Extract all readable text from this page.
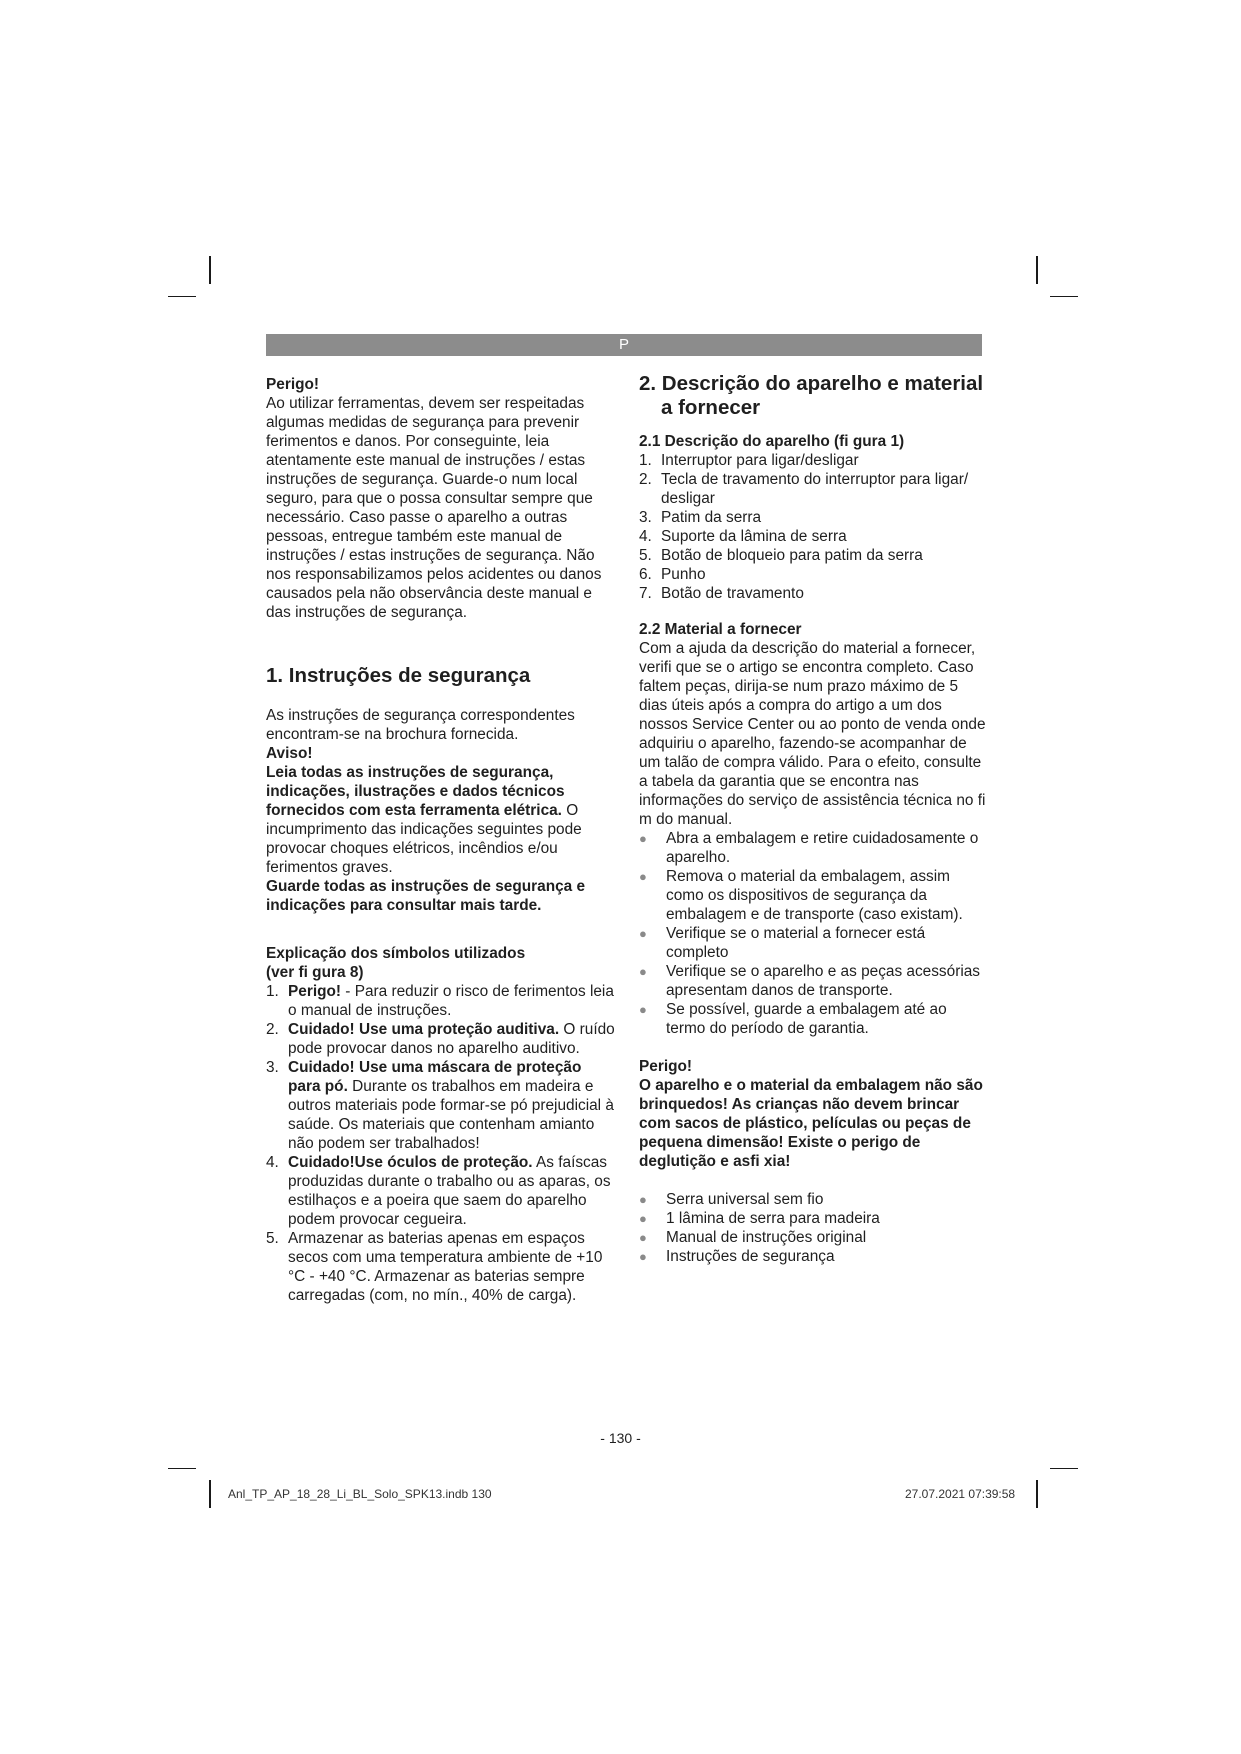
P

Perigo!

Ao utilizar ferramentas, devem ser respeitadas algumas medidas de segurança para prevenir ferimentos e danos. Por conseguinte, leia atentamente este manual de instruções / estas instruções de segurança. Guarde-o num local seguro, para que o possa consultar sempre que necessário. Caso passe o aparelho a outras pessoas, entregue também este manual de instruções / estas instruções de segurança. Não nos responsabilizamos pelos acidentes ou danos causados pela não observância deste manual e das instruções de segurança.

1. Instruções de segurança

As instruções de segurança correspondentes encontram-se na brochura fornecida.

Aviso!

Leia todas as instruções de segurança, indicações, ilustrações e dados técnicos fornecidos com esta ferramenta elétrica. O incumprimento das indicações seguintes pode provocar choques elétricos, incêndios e/ou ferimentos graves.

Guarde todas as instruções de segurança e indicações para consultar mais tarde.

Explicação dos símbolos utilizados
(ver fi gura 8)
1. Perigo! - Para reduzir o risco de ferimentos leia o manual de instruções.
2. Cuidado! Use uma proteção auditiva. O ruído pode provocar danos no aparelho auditivo.
3. Cuidado! Use uma máscara de proteção para pó. Durante os trabalhos em madeira e outros materiais pode formar-se pó prejudicial à saúde. Os materiais que contenham amianto não podem ser trabalhados!
4. Cuidado!Use óculos de proteção. As faíscas produzidas durante o trabalho ou as aparas, os estilhaços e a poeira que saem do aparelho podem provocar cegueira.
5. Armazenar as baterias apenas em espaços secos com uma temperatura ambiente de +10 °C - +40 °C. Armazenar as baterias sempre carregadas (com, no mín., 40% de carga).
2. Descrição do aparelho e material
a fornecer
2.1 Descrição do aparelho (fi gura 1)
1. Interruptor para ligar/desligar
2. Tecla de travamento do interruptor para ligar/ desligar
3. Patim da serra
4. Suporte da lâmina de serra
5. Botão de bloqueio para patim da serra
6. Punho
7. Botão de travamento
2.2 Material a fornecer

Com a ajuda da descrição do material a fornecer, verifi que se o artigo se encontra completo. Caso faltem peças, dirija-se num prazo máximo de 5 dias úteis após a compra do artigo a um dos nossos Service Center ou ao ponto de venda onde adquiriu o aparelho, fazendo-se acompanhar de um talão de compra válido. Para o efeito, consulte a tabela da garantia que se encontra nas informações do serviço de assistência técnica no fi m do manual.

● Abra a embalagem e retire cuidadosamente o aparelho.
● Remova o material da embalagem, assim como os dispositivos de segurança da embalagem e de transporte (caso existam).
● Verifique se o material a fornecer está completo
● Verifique se o aparelho e as peças acessórias apresentam danos de transporte.
● Se possível, guarde a embalagem até ao termo do período de garantia.

Perigo!

O aparelho e o material da embalagem não são brinquedos! As crianças não devem brincar com sacos de plástico, películas ou peças de pequena dimensão! Existe o perigo de deglutição e asfi xia!

● Serra universal sem fio
● 1 lâmina de serra para madeira
● Manual de instruções original
● Instruções de segurança
- 130 -
Anl_TP_AP_18_28_Li_BL_Solo_SPK13.indb 130	27.07.2021 07:39:58
